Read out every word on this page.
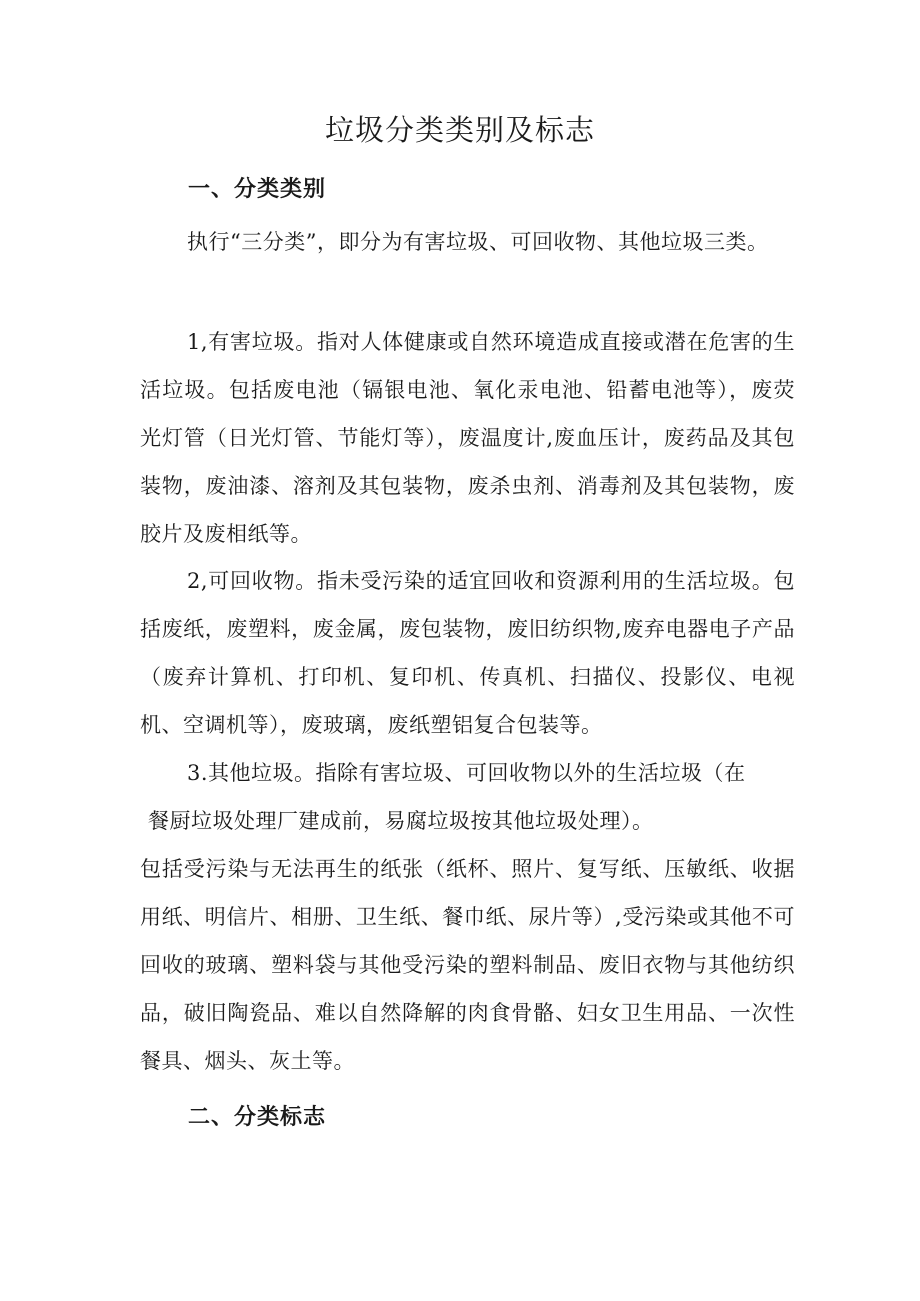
垃圾分类类别及标志
一、分类类别
执行“三分类”，即分为有害垃圾、可回收物、其他垃圾三类。
1,有害垃圾。指对人体健康或自然环境造成直接或潜在危害的生活垃圾。包括废电池（镉银电池、氧化汞电池、铅蓄电池等），废荧光灯管（日光灯管、节能灯等），废温度计,废血压计，废药品及其包装物，废油漆、溶剂及其包装物，废杀虫剂、消毒剂及其包装物，废胶片及废相纸等。
2,可回收物。指未受污染的适宜回收和资源利用的生活垃圾。包括废纸，废塑料，废金属，废包装物，废旧纺织物,废弃电器电子产品（废弃计算机、打印机、复印机、传真机、扫描仪、投影仪、电视机、空调机等），废玻璃，废纸塑铝复合包装等。
3.其他垃圾。指除有害垃圾、可回收物以外的生活垃圾（在
餐厨垃圾处理厂建成前，易腐垃圾按其他垃圾处理）。
包括受污染与无法再生的纸张（纸杯、照片、复写纸、压敏纸、收据用纸、明信片、相册、卫生纸、餐巾纸、尿片等）,受污染或其他不可回收的玻璃、塑料袋与其他受污染的塑料制品、废旧衣物与其他纺织品，破旧陶瓷品、难以自然降解的肉食骨骼、妇女卫生用品、一次性餐具、烟头、灰土等。
二、分类标志
